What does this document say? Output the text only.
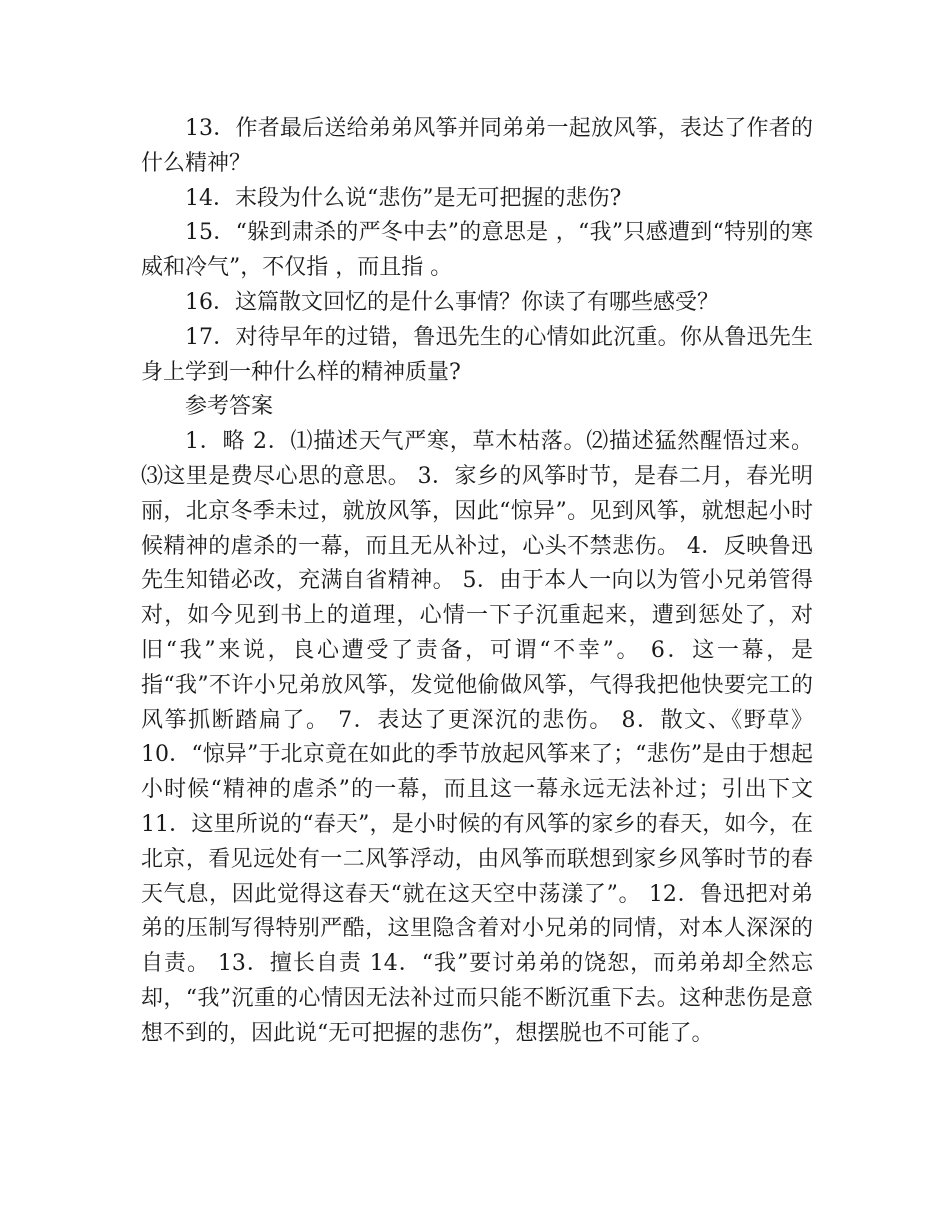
13．作者最后送给弟弟风筝并同弟弟一起放风筝，表达了作者的什么精神？

14．末段为什么说“悲伤”是无可把握的悲伤?

15．“躲到肃杀的严冬中去”的意思是 ，“我”只感遭到“特别的寒威和冷气”，不仅指 ，而且指 。

16．这篇散文回忆的是什么事情？你读了有哪些感受？

17．对待早年的过错，鲁迅先生的心情如此沉重。你从鲁迅先生身上学到一种什么样的精神质量?

参考答案

1．略 2．⑴描述天气严寒，草木枯落。⑵描述猛然醒悟过来。⑶这里是费尽心思的意思。 3．家乡的风筝时节，是春二月，春光明丽，北京冬季未过，就放风筝，因此“惊异”。见到风筝，就想起小时候精神的虐杀的一幕，而且无从补过，心头不禁悲伤。 4．反映鲁迅先生知错必改，充满自省精神。 5．由于本人一向以为管小兄弟管得对，如今见到书上的道理，心情一下子沉重起来，遭到惩处了，对旧“我”来说，良心遭受了责备，可谓“不幸”。 6．这一幕，是指“我”不许小兄弟放风筝，发觉他偷做风筝，气得我把他快要完工的风筝抓断踏扁了。 7．表达了更深沉的悲伤。 8．散文、《野草》10．“惊异”于北京竟在如此的季节放起风筝来了；“悲伤”是由于想起小时候“精神的虐杀”的一幕，而且这一幕永远无法补过；引出下文 11．这里所说的“春天”，是小时候的有风筝的家乡的春天，如今，在北京，看见远处有一二风筝浮动，由风筝而联想到家乡风筝时节的春天气息，因此觉得这春天“就在这天空中荡漾了”。 12．鲁迅把对弟弟的压制写得特别严酷，这里隐含着对小兄弟的同情，对本人深深的自责。 13．擅长自责 14．“我”要讨弟弟的饶恕，而弟弟却全然忘却，“我”沉重的心情因无法补过而只能不断沉重下去。这种悲伤是意想不到的，因此说“无可把握的悲伤”，想摆脱也不可能了。
